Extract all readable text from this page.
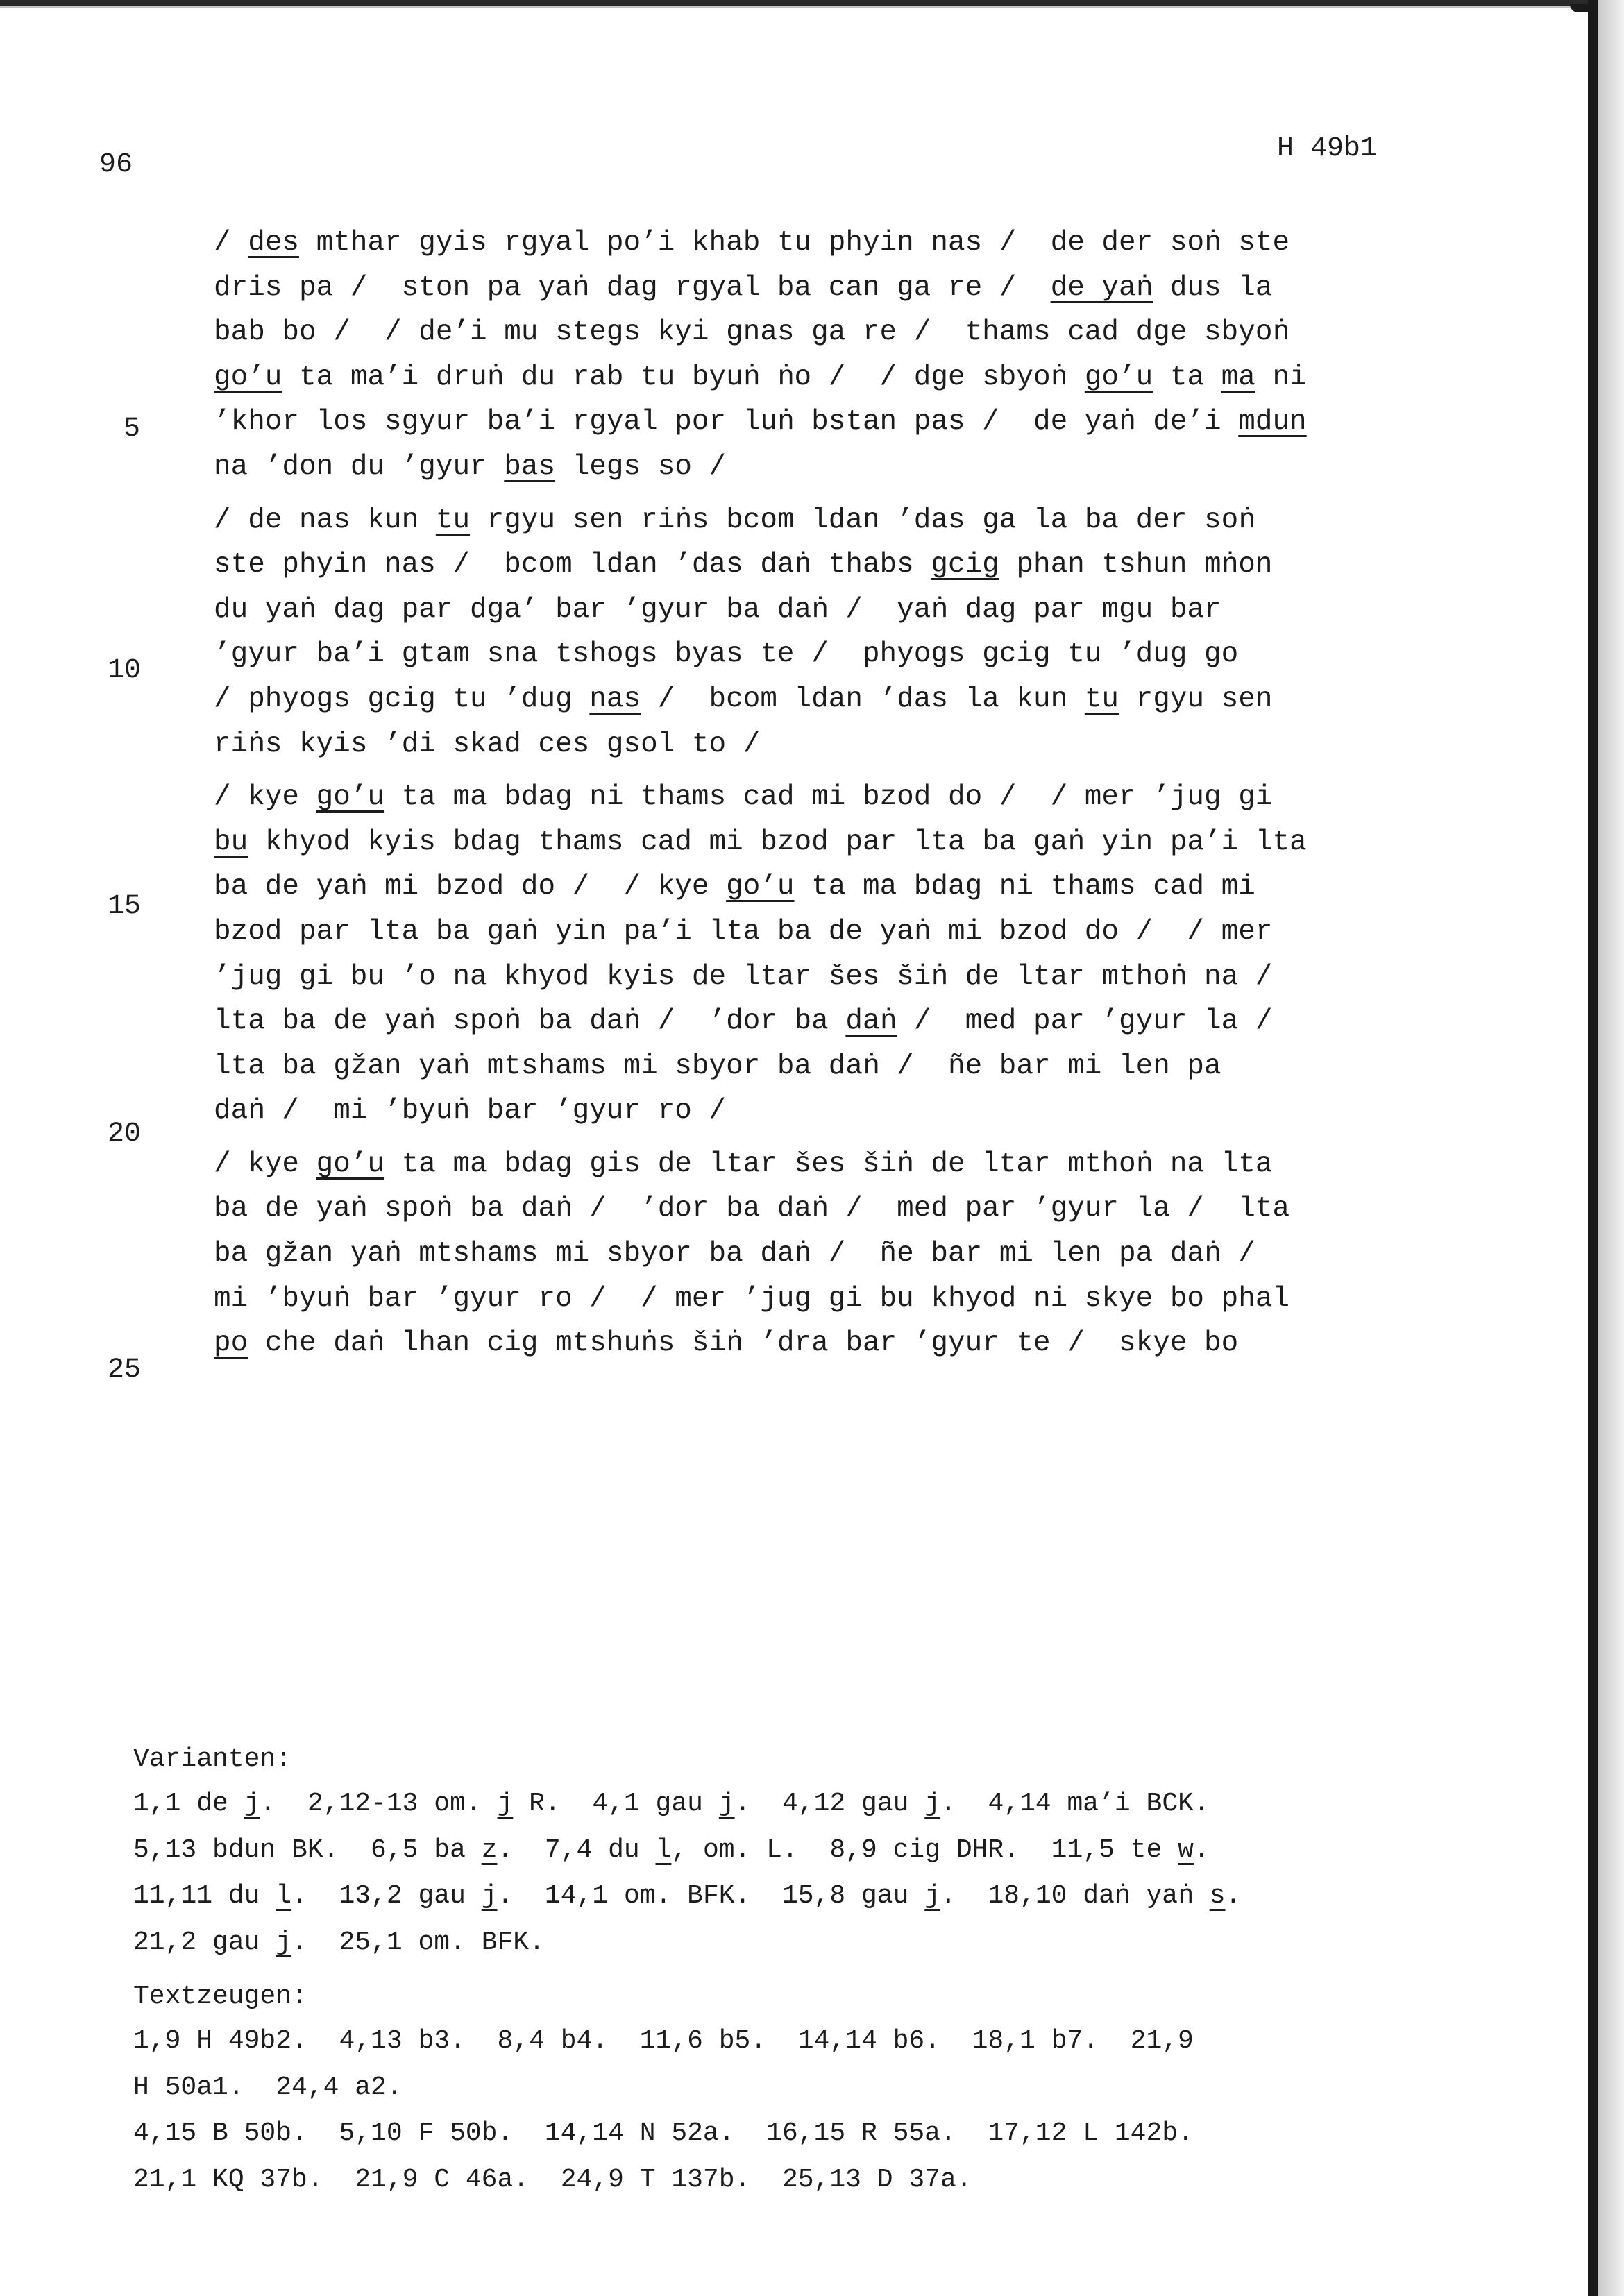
96
H 49b1
5
10
15
20
25
/ des mthar gyis rgyal po’i khab tu phyin nas /  de der soṅ ste
dris pa /  ston pa yaṅ dag rgyal ba can ga re /  de yaṅ dus la
bab bo /  / de’i mu stegs kyi gnas ga re /  thams cad dge sbyoṅ
go’u ta ma’i druṅ du rab tu byuṅ ṅo /  / dge sbyoṅ go’u ta ma ni
’khor los sgyur ba’i rgyal por luṅ bstan pas /  de yaṅ de’i mdun
na ’don du ’gyur bas legs so /
/ de nas kun tu rgyu sen riṅs bcom ldan ’das ga la ba der soṅ
ste phyin nas /  bcom ldan ’das daṅ thabs gcig phan tshun mṅon
du yaṅ dag par dga’ bar ’gyur ba daṅ /  yaṅ dag par mgu bar
’gyur ba’i gtam sna tshogs byas te /  phyogs gcig tu ’dug go
/ phyogs gcig tu ’dug nas /  bcom ldan ’das la kun tu rgyu sen
riṅs kyis ’di skad ces gsol to /
/ kye go’u ta ma bdag ni thams cad mi bzod do /  / mer ’jug gi
bu khyod kyis bdag thams cad mi bzod par lta ba gaṅ yin pa’i lta
ba de yaṅ mi bzod do /  / kye go’u ta ma bdag ni thams cad mi
bzod par lta ba gaṅ yin pa’i lta ba de yaṅ mi bzod do /  / mer
’jug gi bu ’o na khyod kyis de ltar šes šiṅ de ltar mthoṅ na /
lta ba de yaṅ spoṅ ba daṅ /  ’dor ba daṅ /  med par ’gyur la /
lta ba gžan yaṅ mtshams mi sbyor ba daṅ /  ñe bar mi len pa
daṅ /  mi ’byuṅ bar ’gyur ro /
/ kye go’u ta ma bdag gis de ltar šes šiṅ de ltar mthoṅ na lta
ba de yaṅ spoṅ ba daṅ /  ’dor ba daṅ /  med par ’gyur la /  lta
ba gžan yaṅ mtshams mi sbyor ba daṅ /  ñe bar mi len pa daṅ /
mi ’byuṅ bar ’gyur ro /  / mer ’jug gi bu khyod ni skye bo phal
po che daṅ lhan cig mtshuṅs šiṅ ’dra bar ’gyur te /  skye bo
Varianten:
1,1 de j.  2,12-13 om. j R.  4,1 gau j.  4,12 gau j.  4,14 ma’i BCK.
5,13 bdun BK.  6,5 ba z.  7,4 du l, om. L.  8,9 cig DHR.  11,5 te w.
11,11 du l.  13,2 gau j.  14,1 om. BFK.  15,8 gau j.  18,10 daṅ yaṅ s.
21,2 gau j.  25,1 om. BFK.
Textzeugen:
1,9 H 49b2.  4,13 b3.  8,4 b4.  11,6 b5.  14,14 b6.  18,1 b7.  21,9
H 50a1.  24,4 a2.
4,15 B 50b.  5,10 F 50b.  14,14 N 52a.  16,15 R 55a.  17,12 L 142b.
21,1 KQ 37b.  21,9 C 46a.  24,9 T 137b.  25,13 D 37a.
